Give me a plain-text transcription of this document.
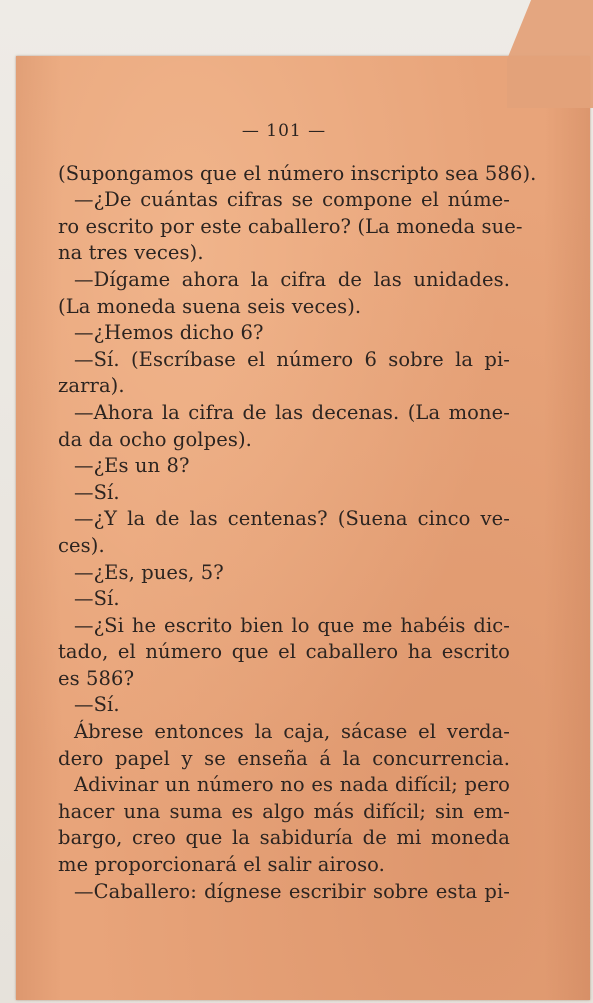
— 101 —
(Supongamos que el número inscripto sea 586).
—¿De cuántas cifras se compone el núme-
ro escrito por este caballero? (La moneda sue-
na tres veces).
—Dígame ahora la cifra de las unidades.
(La moneda suena seis veces).
—¿Hemos dicho 6?
—Sí. (Escríbase el número 6 sobre la pi-
zarra).
—Ahora la cifra de las decenas. (La mone-
da da ocho golpes).
—¿Es un 8?
—Sí.
—¿Y la de las centenas? (Suena cinco ve-
ces).
—¿Es, pues, 5?
—Sí.
—¿Si he escrito bien lo que me habéis dic-
tado, el número que el caballero ha escrito
es 586?
—Sí.
Ábrese entonces la caja, sácase el verda-
dero papel y se enseña á la concurrencia.
Adivinar un número no es nada difícil; pero
hacer una suma es algo más difícil; sin em-
bargo, creo que la sabiduría de mi moneda
me proporcionará el salir airoso.
—Caballero: dígnese escribir sobre esta pi-
